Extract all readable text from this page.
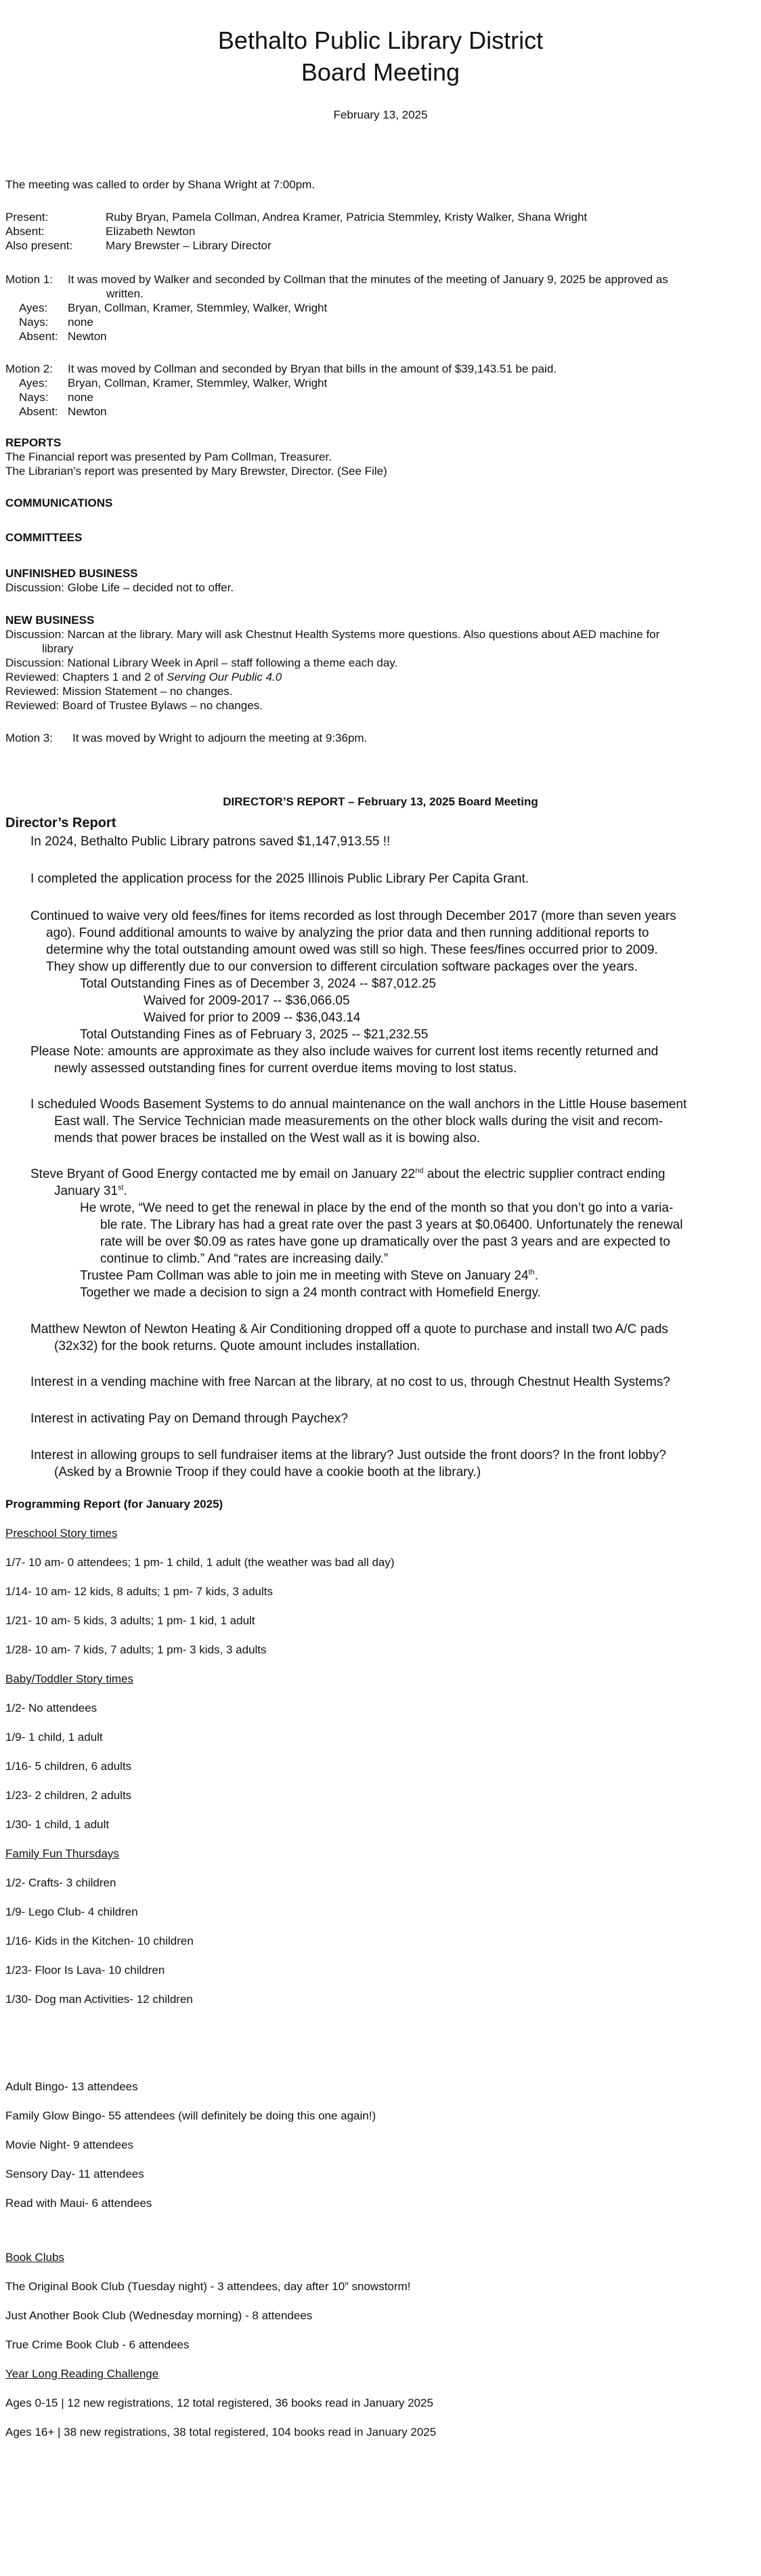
Bethalto Public Library District
Board Meeting
February 13, 2025
The meeting was called to order by Shana Wright at 7:00pm.
Present:	Ruby Bryan, Pamela Collman, Andrea Kramer, Patricia Stemmley, Kristy Walker, Shana Wright
Absent:	Elizabeth Newton
Also present:	Mary Brewster – Library Director
Motion 1: It was moved by Walker and seconded by Collman that the minutes of the meeting of January 9, 2025 be approved as
written.
Ayes: Bryan, Collman, Kramer, Stemmley, Walker, Wright
Nays: none
Absent: Newton
Motion 2: It was moved by Collman and seconded by Bryan that bills in the amount of $39,143.51 be paid.
Ayes: Bryan, Collman, Kramer, Stemmley, Walker, Wright
Nays: none
Absent: Newton
REPORTS
The Financial report was presented by Pam Collman, Treasurer.
The Librarian’s report was presented by Mary Brewster, Director. (See File)
COMMUNICATIONS
COMMITTEES
UNFINISHED BUSINESS
Discussion: Globe Life – decided not to offer.
NEW BUSINESS
Discussion: Narcan at the library. Mary will ask Chestnut Health Systems more questions. Also questions about AED machine for
library
Discussion: National Library Week in April – staff following a theme each day.
Reviewed: Chapters 1 and 2 of Serving Our Public 4.0
Reviewed: Mission Statement – no changes.
Reviewed: Board of Trustee Bylaws – no changes.
Motion 3: It was moved by Wright to adjourn the meeting at 9:36pm.
DIRECTOR’S REPORT – February 13, 2025 Board Meeting
Director’s Report
In 2024, Bethalto Public Library patrons saved $1,147,913.55 !!
I completed the application process for the 2025 Illinois Public Library Per Capita Grant.
Continued to waive very old fees/fines for items recorded as lost through December 2017 (more than seven years
ago). Found additional amounts to waive by analyzing the prior data and then running additional reports to
determine why the total outstanding amount owed was still so high. These fees/fines occurred prior to 2009.
They show up differently due to our conversion to different circulation software packages over the years.
Total Outstanding Fines as of December 3, 2024 -- $87,012.25
Waived for 2009-2017 -- $36,066.05
Waived for prior to 2009 -- $36,043.14
Total Outstanding Fines as of February 3, 2025 -- $21,232.55
Please Note: amounts are approximate as they also include waives for current lost items recently returned and
newly assessed outstanding fines for current overdue items moving to lost status.
I scheduled Woods Basement Systems to do annual maintenance on the wall anchors in the Little House basement
East wall. The Service Technician made measurements on the other block walls during the visit and recom-
mends that power braces be installed on the West wall as it is bowing also.
Steve Bryant of Good Energy contacted me by email on January 22nd about the electric supplier contract ending
January 31st.
He wrote, “We need to get the renewal in place by the end of the month so that you don’t go into a varia-
ble rate. The Library has had a great rate over the past 3 years at $0.06400. Unfortunately the renewal
rate will be over $0.09 as rates have gone up dramatically over the past 3 years and are expected to
continue to climb.” And “rates are increasing daily.”
Trustee Pam Collman was able to join me in meeting with Steve on January 24th.
Together we made a decision to sign a 24 month contract with Homefield Energy.
Matthew Newton of Newton Heating & Air Conditioning dropped off a quote to purchase and install two A/C pads
(32x32) for the book returns. Quote amount includes installation.
Interest in a vending machine with free Narcan at the library, at no cost to us, through Chestnut Health Systems?
Interest in activating Pay on Demand through Paychex?
Interest in allowing groups to sell fundraiser items at the library? Just outside the front doors? In the front lobby?
(Asked by a Brownie Troop if they could have a cookie booth at the library.)
Programming Report (for January 2025)
Preschool Story times
1/7- 10 am- 0 attendees; 1 pm- 1 child, 1 adult (the weather was bad all day)
1/14- 10 am- 12 kids, 8 adults; 1 pm- 7 kids, 3 adults
1/21- 10 am- 5 kids, 3 adults; 1 pm- 1 kid, 1 adult
1/28- 10 am- 7 kids, 7 adults; 1 pm- 3 kids, 3 adults
Baby/Toddler Story times
1/2- No attendees
1/9- 1 child, 1 adult
1/16- 5 children, 6 adults
1/23- 2 children, 2 adults
1/30- 1 child, 1 adult
Family Fun Thursdays
1/2- Crafts- 3 children
1/9- Lego Club- 4 children
1/16- Kids in the Kitchen- 10 children
1/23- Floor Is Lava- 10 children
1/30- Dog man Activities- 12 children
Adult Bingo- 13 attendees
Family Glow Bingo- 55 attendees (will definitely be doing this one again!)
Movie Night- 9 attendees
Sensory Day- 11 attendees
Read with Maui- 6 attendees
Book Clubs
The Original Book Club (Tuesday night) - 3 attendees, day after 10” snowstorm!
Just Another Book Club (Wednesday morning) - 8 attendees
True Crime Book Club - 6 attendees
Year Long Reading Challenge
Ages 0-15 | 12 new registrations, 12 total registered, 36 books read in January 2025
Ages 16+ | 38 new registrations, 38 total registered, 104 books read in January 2025
